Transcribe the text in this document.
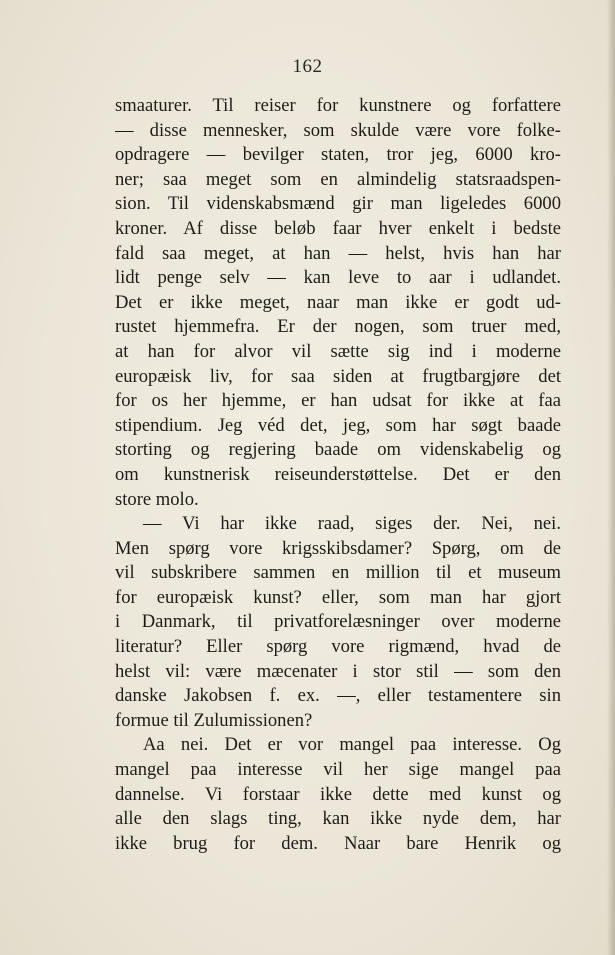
162
smaaturer. Til reiser for kunstnere og forfattere
— disse mennesker, som skulde være vore folke-
opdragere — bevilger staten, tror jeg, 6000 kro-
ner; saa meget som en almindelig statsraadspen-
sion. Til videnskabsmænd gir man ligeledes 6000
kroner. Af disse beløb faar hver enkelt i bedste
fald saa meget, at han — helst, hvis han har
lidt penge selv — kan leve to aar i udlandet.
Det er ikke meget, naar man ikke er godt ud-
rustet hjemmefra. Er der nogen, som truer med,
at han for alvor vil sætte sig ind i moderne
europæisk liv, for saa siden at frugtbargjøre det
for os her hjemme, er han udsat for ikke at faa
stipendium. Jeg véd det, jeg, som har søgt baade
storting og regjering baade om videnskabelig og
om kunstnerisk reiseunderstøttelse. Det er den
store molo.
— Vi har ikke raad, siges der. Nei, nei.
Men spørg vore krigsskibsdamer? Spørg, om de
vil subskribere sammen en million til et museum
for europæisk kunst? eller, som man har gjort
i Danmark, til privatforelæsninger over moderne
literatur? Eller spørg vore rigmænd, hvad de
helst vil: være mæcenater i stor stil — som den
danske Jakobsen f. ex. —, eller testamentere sin
formue til Zulumissionen?
Aa nei. Det er vor mangel paa interesse. Og
mangel paa interesse vil her sige mangel paa
dannelse. Vi forstaar ikke dette med kunst og
alle den slags ting, kan ikke nyde dem, har
ikke brug for dem. Naar bare Henrik og
